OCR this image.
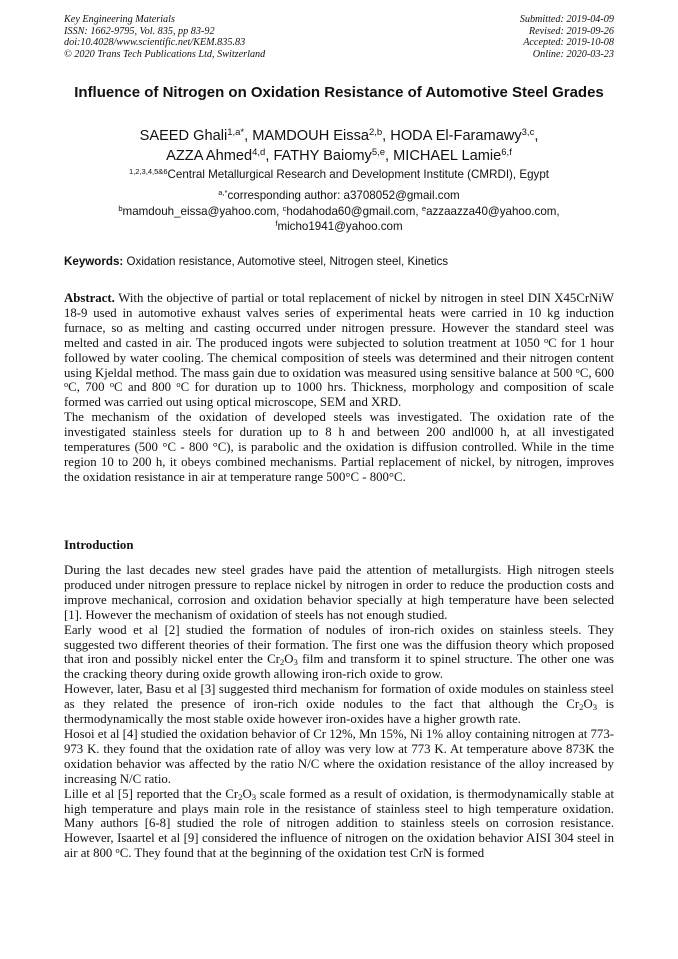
Key Engineering Materials
ISSN: 1662-9795, Vol. 835, pp 83-92
doi:10.4028/www.scientific.net/KEM.835.83
© 2020 Trans Tech Publications Ltd, Switzerland
Submitted: 2019-04-09
Revised: 2019-09-26
Accepted: 2019-10-08
Online: 2020-03-23
Influence of Nitrogen on Oxidation Resistance of Automotive Steel Grades
SAEED Ghali$^{1,a*}$, MAMDOUH Eissa$^{2,b}$, HODA El-Faramawy$^{3,c}$,
AZZA Ahmed$^{4,d}$, FATHY Baiomy$^{5,e}$, MICHAEL Lamie$^{6,f}$
$^{1,2,3,4,5\&6}$Central Metallurgical Research and Development Institute (CMRDI), Egypt
$^{a,*}$corresponding author: a3708052@gmail.com
$^b$mamdouh_eissa@yahoo.com, $^c$hodahoda60@gmail.com, $^e$azzaazza40@yahoo.com,
$^f$micho1941@yahoo.com
Keywords: Oxidation resistance, Automotive steel, Nitrogen steel, Kinetics

Abstract. With the objective of partial or total replacement of nickel by nitrogen in steel DIN X45CrNiW 18-9 used in automotive exhaust valves series of experimental heats were carried in 10 kg induction furnace, so as melting and casting occurred under nitrogen pressure. However the standard steel was melted and casted in air. The produced ingots were subjected to solution treatment at 1050 $^o$C for 1 hour followed by water cooling. The chemical composition of steels was determined and their nitrogen content using Kjeldal method. The mass gain due to oxidation was measured using sensitive balance at 500 $^o$C, 600 $^o$C, 700 $^o$C and 800 $^o$C for duration up to 1000 hrs. Thickness, morphology and composition of scale formed was carried out using optical microscope, SEM and XRD.

The mechanism of the oxidation of developed steels was investigated. The oxidation rate of the investigated stainless steels for duration up to 8 h and between 200 andl000 h, at all investigated temperatures (500 °C - 800 °C), is parabolic and the oxidation is diffusion controlled. While in the time region 10 to 200 h, it obeys combined mechanisms. Partial replacement of nickel, by nitrogen, improves the oxidation resistance in air at temperature range 500°C - 800°C.

Introduction

During the last decades new steel grades have paid the attention of metallurgists. High nitrogen steels produced under nitrogen pressure to replace nickel by nitrogen in order to reduce the production costs and improve mechanical, corrosion and oxidation behavior specially at high temperature have been selected [1]. However the mechanism of oxidation of steels has not enough studied.

Early wood et al [2] studied the formation of nodules of iron-rich oxides on stainless steels. They suggested two different theories of their formation. The first one was the diffusion theory which proposed that iron and possibly nickel enter the $Cr_2O_3$ film and transform it to spinel structure. The other one was the cracking theory during oxide growth allowing iron-rich oxide to grow.

However, later, Basu et al [3] suggested third mechanism for formation of oxide modules on stainless steel as they related the presence of iron-rich oxide nodules to the fact that although the $Cr_2O_3$ is thermodynamically the most stable oxide however iron-oxides have a higher growth rate.

Hosoi et al [4] studied the oxidation behavior of Cr 12%, Mn 15%, Ni 1% alloy containing nitrogen at 773-973 K. they found that the oxidation rate of alloy was very low at 773 K. At temperature above 873K the oxidation behavior was affected by the ratio N/C where the oxidation resistance of the alloy increased by increasing N/C ratio.

Lille et al [5] reported that the $Cr_2O_3$ scale formed as a result of oxidation, is thermodynamically stable at high temperature and plays main role in the resistance of stainless steel to high temperature oxidation. Many authors [6-8] studied the role of nitrogen addition to stainless steels on corrosion resistance. However, Isaartel et al [9] considered the influence of nitrogen on the oxidation behavior AISI 304 steel in air at 800 $^o$C. They found that at the beginning of the oxidation test CrN is formed
